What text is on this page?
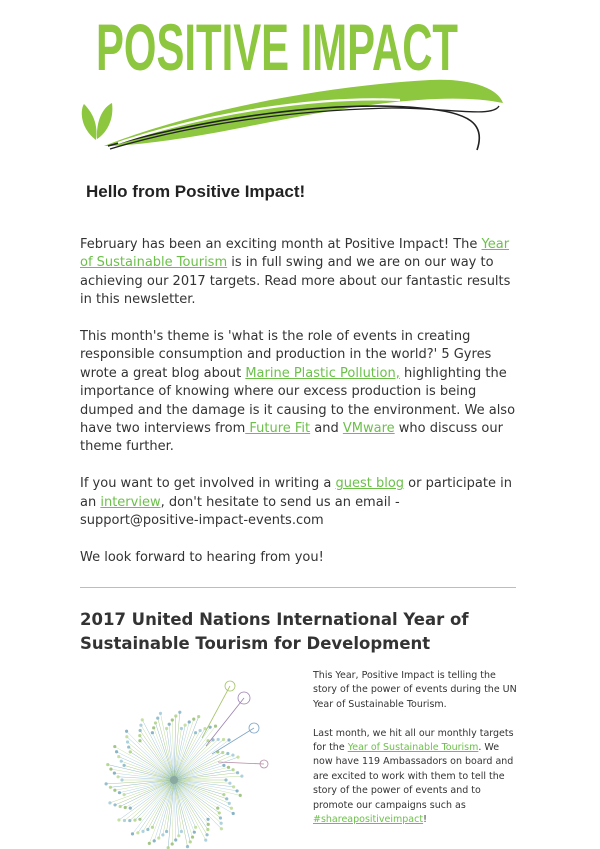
POSITIVE IMPACT
Hello from Positive Impact!

February has been an exciting month at Positive Impact! The Year of Sustainable Tourism is in full swing and we are on our way to achieving our 2017 targets. Read more about our fantastic results in this newsletter.

This month's theme is 'what is the role of events in creating responsible consumption and production in the world?' 5 Gyres wrote a great blog about Marine Plastic Pollution, highlighting the importance of knowing where our excess production is being dumped and the damage is it causing to the environment. We also have two interviews from Future Fit and VMware who discuss our theme further.

If you want to get involved in writing a guest blog or participate in an interview, don't hesitate to send us an email - support@positive-impact-events.com

We look forward to hearing from you!

2017 United Nations International Year of Sustainable Tourism for Development

This Year, Positive Impact is telling the story of the power of events during the UN Year of Sustainable Tourism.

Last month, we hit all our monthly targets for the Year of Sustainable Tourism. We now have 119 Ambassadors on board and are excited to work with them to tell the story of the power of events and to promote our campaigns such as #shareapositiveimpact!
